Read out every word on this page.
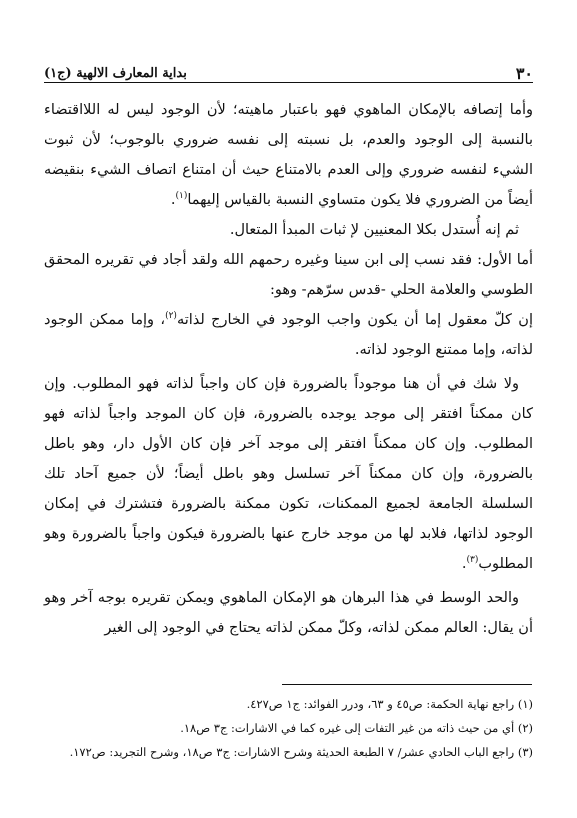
٣٠
بداية المعارف الالهية (ج١)

وأما إتصافه بالإمكان الماهوي فهو باعتبار ماهيته؛ لأن الوجود ليس له اللااقتضاء بالنسبة إلى الوجود والعدم، بل نسبته إلى نفسه ضروري بالوجوب؛ لأن ثبوت الشيء لنفسه ضروري وإلى العدم بالامتناع حيث أن امتناع اتصاف الشيء بنقيضه أيضاً من الضروري فلا يكون متساوي النسبة بالقياس إليهما$^{(١)}$.

ثم إنه أُستدل بكلا المعنيين لإ ثبات المبدأ المتعال.

أما الأول: فقد نسب إلى ابن سينا وغيره رحمهم الله ولقد أجاد في تقريره المحقق الطوسي والعلامة الحلي -قدس سرّهم- وهو:

إن كلّ معقول إما أن يكون واجب الوجود في الخارج لذاته$^{(٢)}$، وإما ممكن الوجود لذاته، وإما ممتنع الوجود لذاته.

ولا شك في أن هنا موجوداً بالضرورة فإن كان واجباً لذاته فهو المطلوب. وإن كان ممكناً افتقر إلى موجد يوجده بالضرورة، فإن كان الموجد واجباً لذاته فهو المطلوب. وإن كان ممكناً افتقر إلى موجد آخر فإن كان الأول دار، وهو باطل بالضرورة، وإن كان ممكناً آخر تسلسل وهو باطل أيضاً؛ لأن جميع آحاد تلك السلسلة الجامعة لجميع الممكنات، تكون ممكنة بالضرورة فتشترك في إمكان الوجود لذاتها، فلابد لها من موجد خارج عنها بالضرورة فيكون واجباً بالضرورة وهو المطلوب$^{(٣)}$.

والحد الوسط في هذا البرهان هو الإمكان الماهوي ويمكن تقريره بوجه آخر وهو أن يقال: العالم ممكن لذاته، وكلّ ممكن لذاته يحتاج في الوجود إلى الغير

(١) راجع نهاية الحكمة: ص٤٥ و ٦٣، ودرر الفوائد: ج١ ص٤٢٧.

(٢) أي من حيث ذاته من غير التفات إلى غيره كما في الاشارات: ج٣ ص١٨.

(٣) راجع الباب الحادي عشر/ ٧ الطبعة الحديثة وشرح الاشارات: ج٣ ص١٨، وشرح التجريد: ص١٧٢.
